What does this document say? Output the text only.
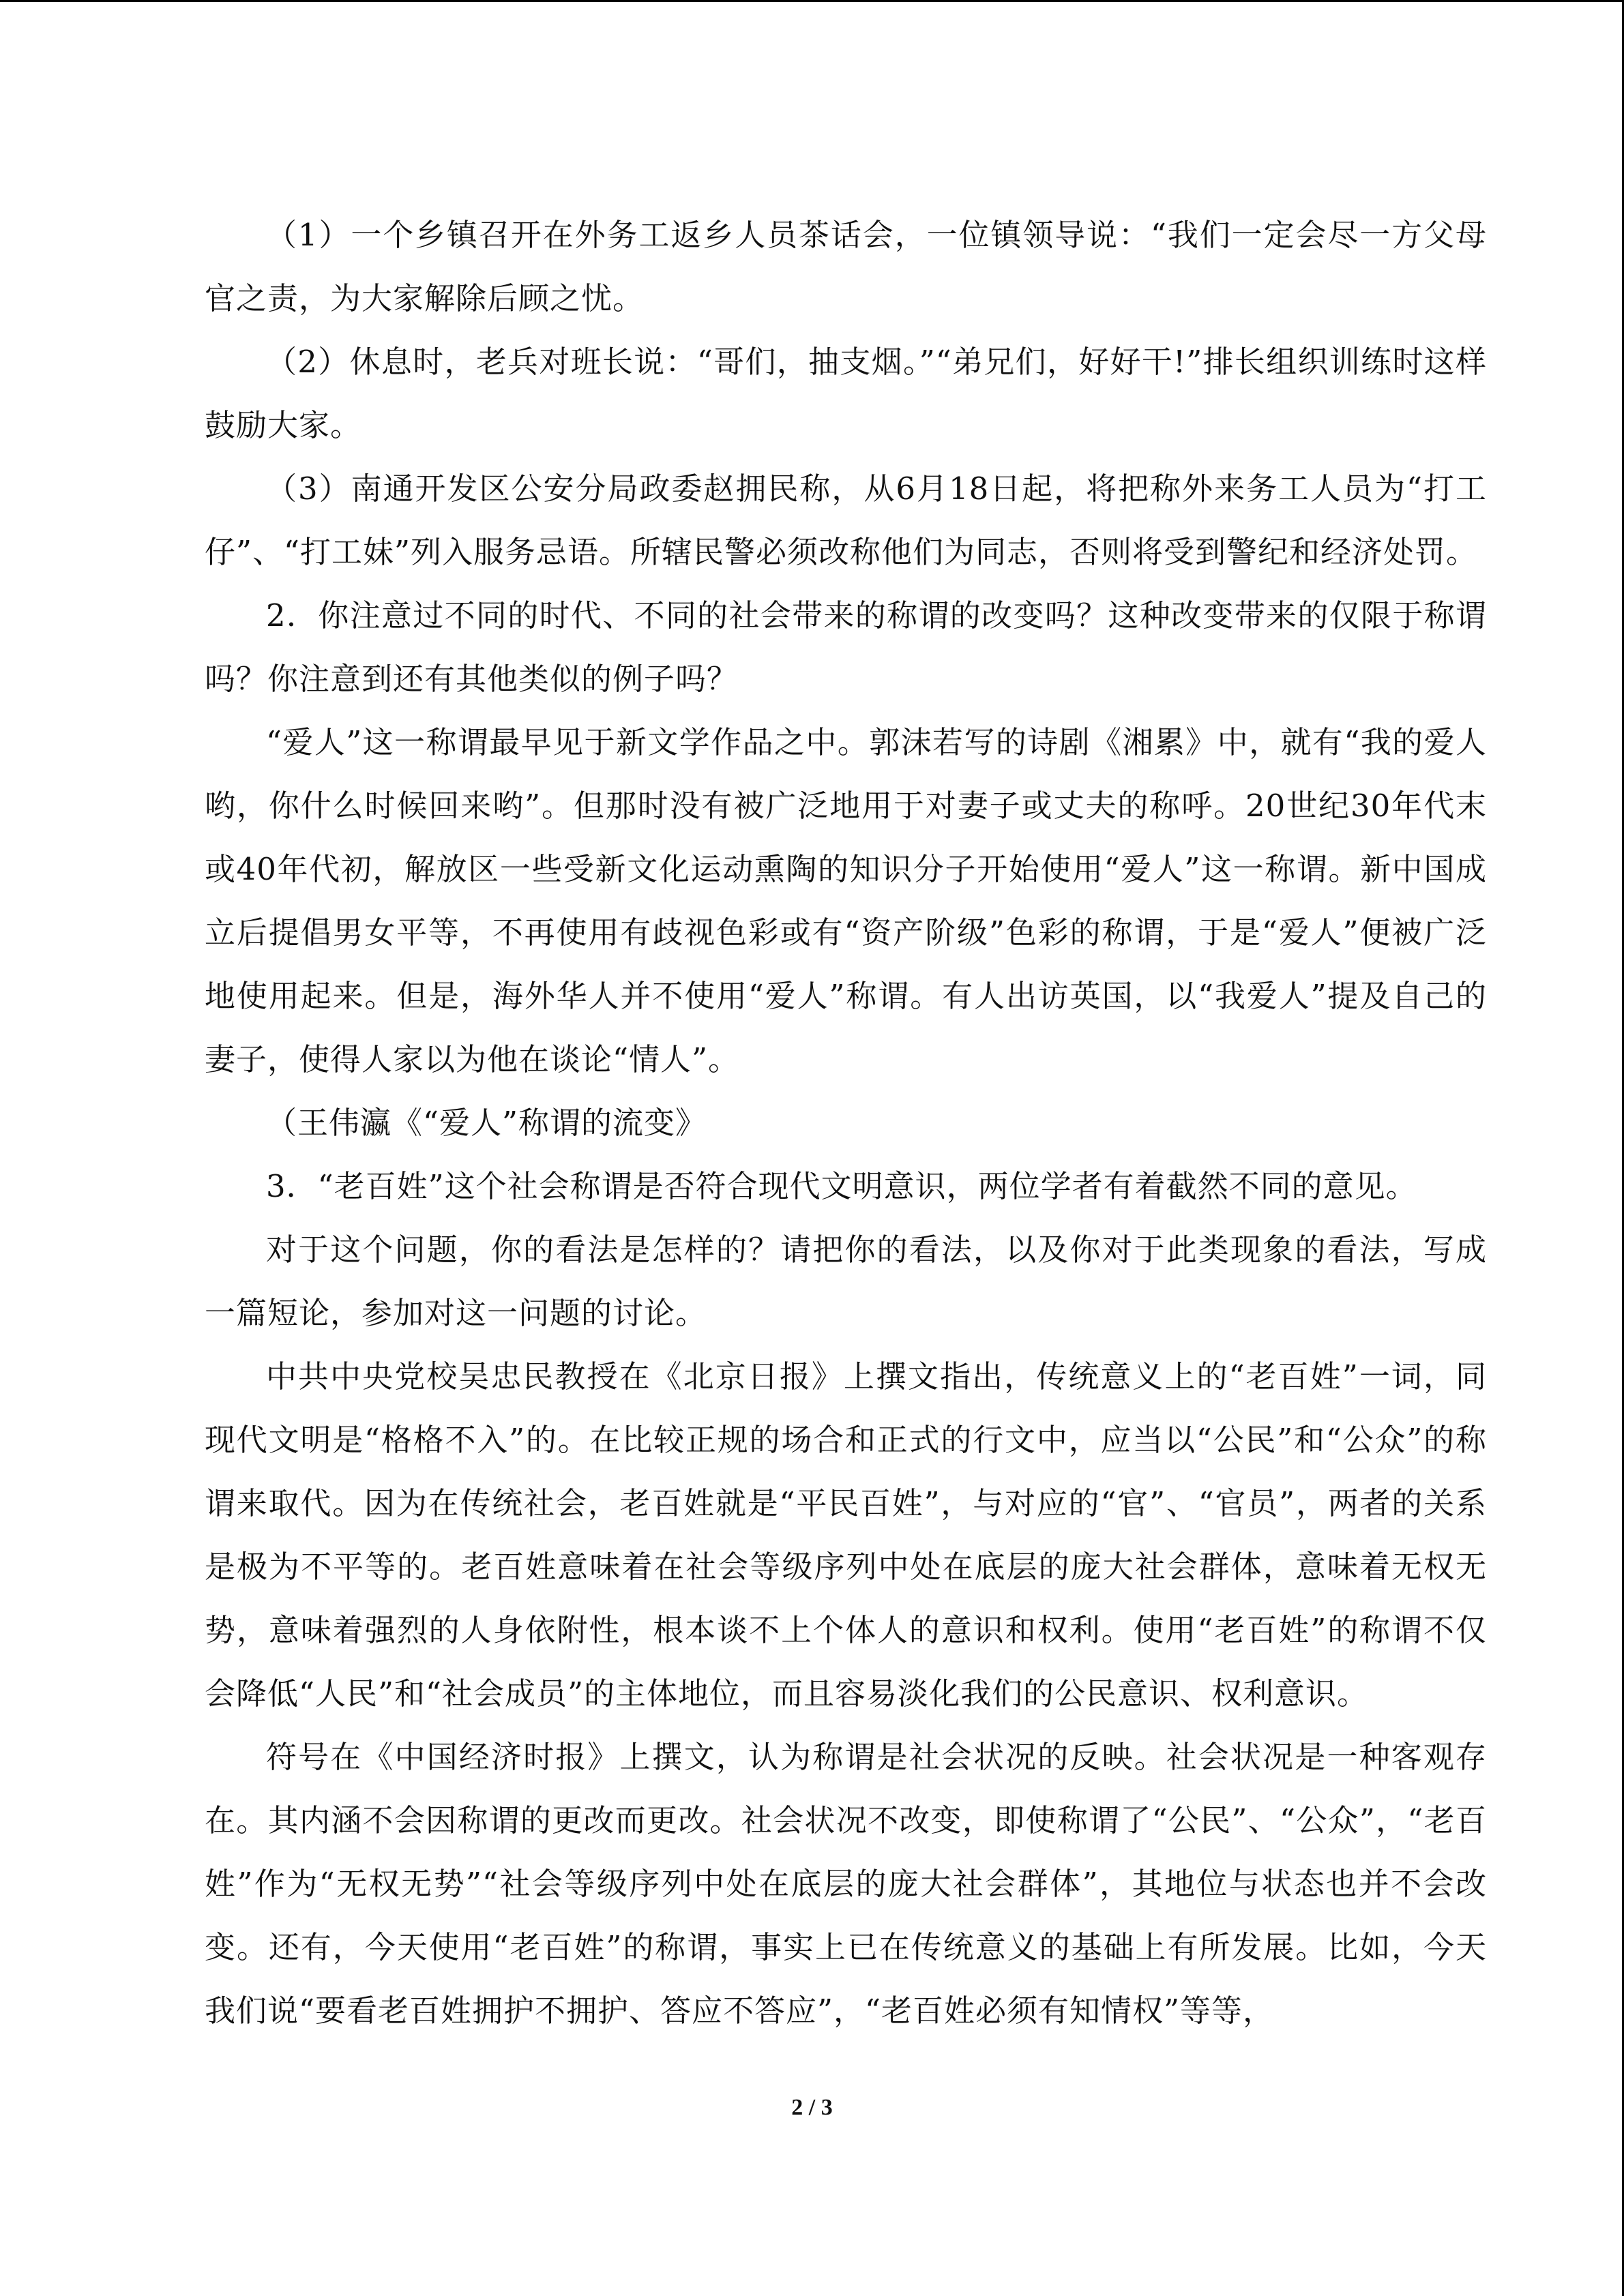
（1）一个乡镇召开在外务工返乡人员茶话会，一位镇领导说：“我们一定会尽一方父母官之责，为大家解除后顾之忧。

（2）休息时，老兵对班长说：“哥们，抽支烟。”“弟兄们，好好干!”排长组织训练时这样鼓励大家。

（3）南通开发区公安分局政委赵拥民称，从6月18日起，将把称外来务工人员为“打工仔”、“打工妹”列入服务忌语。所辖民警必须改称他们为同志，否则将受到警纪和经济处罚。

2．你注意过不同的时代、不同的社会带来的称谓的改变吗？这种改变带来的仅限于称谓吗？你注意到还有其他类似的例子吗？

“爱人”这一称谓最早见于新文学作品之中。郭沫若写的诗剧《湘累》中，就有“我的爱人哟，你什么时候回来哟”。但那时没有被广泛地用于对妻子或丈夫的称呼。20世纪30年代末或40年代初，解放区一些受新文化运动熏陶的知识分子开始使用“爱人”这一称谓。新中国成立后提倡男女平等，不再使用有歧视色彩或有“资产阶级”色彩的称谓，于是“爱人”便被广泛地使用起来。但是，海外华人并不使用“爱人”称谓。有人出访英国，以“我爱人”提及自己的妻子，使得人家以为他在谈论“情人”。

（王伟瀛《“爱人”称谓的流变》

3．“老百姓”这个社会称谓是否符合现代文明意识，两位学者有着截然不同的意见。

对于这个问题，你的看法是怎样的？请把你的看法，以及你对于此类现象的看法，写成一篇短论，参加对这一问题的讨论。

中共中央党校吴忠民教授在《北京日报》上撰文指出，传统意义上的“老百姓”一词，同现代文明是“格格不入”的。在比较正规的场合和正式的行文中，应当以“公民”和“公众”的称谓来取代。因为在传统社会，老百姓就是“平民百姓”，与对应的“官”、“官员”，两者的关系是极为不平等的。老百姓意味着在社会等级序列中处在底层的庞大社会群体，意味着无权无势，意味着强烈的人身依附性，根本谈不上个体人的意识和权利。使用“老百姓”的称谓不仅会降低“人民”和“社会成员”的主体地位，而且容易淡化我们的公民意识、权利意识。

符号在《中国经济时报》上撰文，认为称谓是社会状况的反映。社会状况是一种客观存在。其内涵不会因称谓的更改而更改。社会状况不改变，即使称谓了“公民”、“公众”，“老百姓”作为“无权无势”“社会等级序列中处在底层的庞大社会群体”，其地位与状态也并不会改变。还有，今天使用“老百姓”的称谓，事实上已在传统意义的基础上有所发展。比如，今天我们说“要看老百姓拥护不拥护、答应不答应”，“老百姓必须有知情权”等等，

2 / 3
